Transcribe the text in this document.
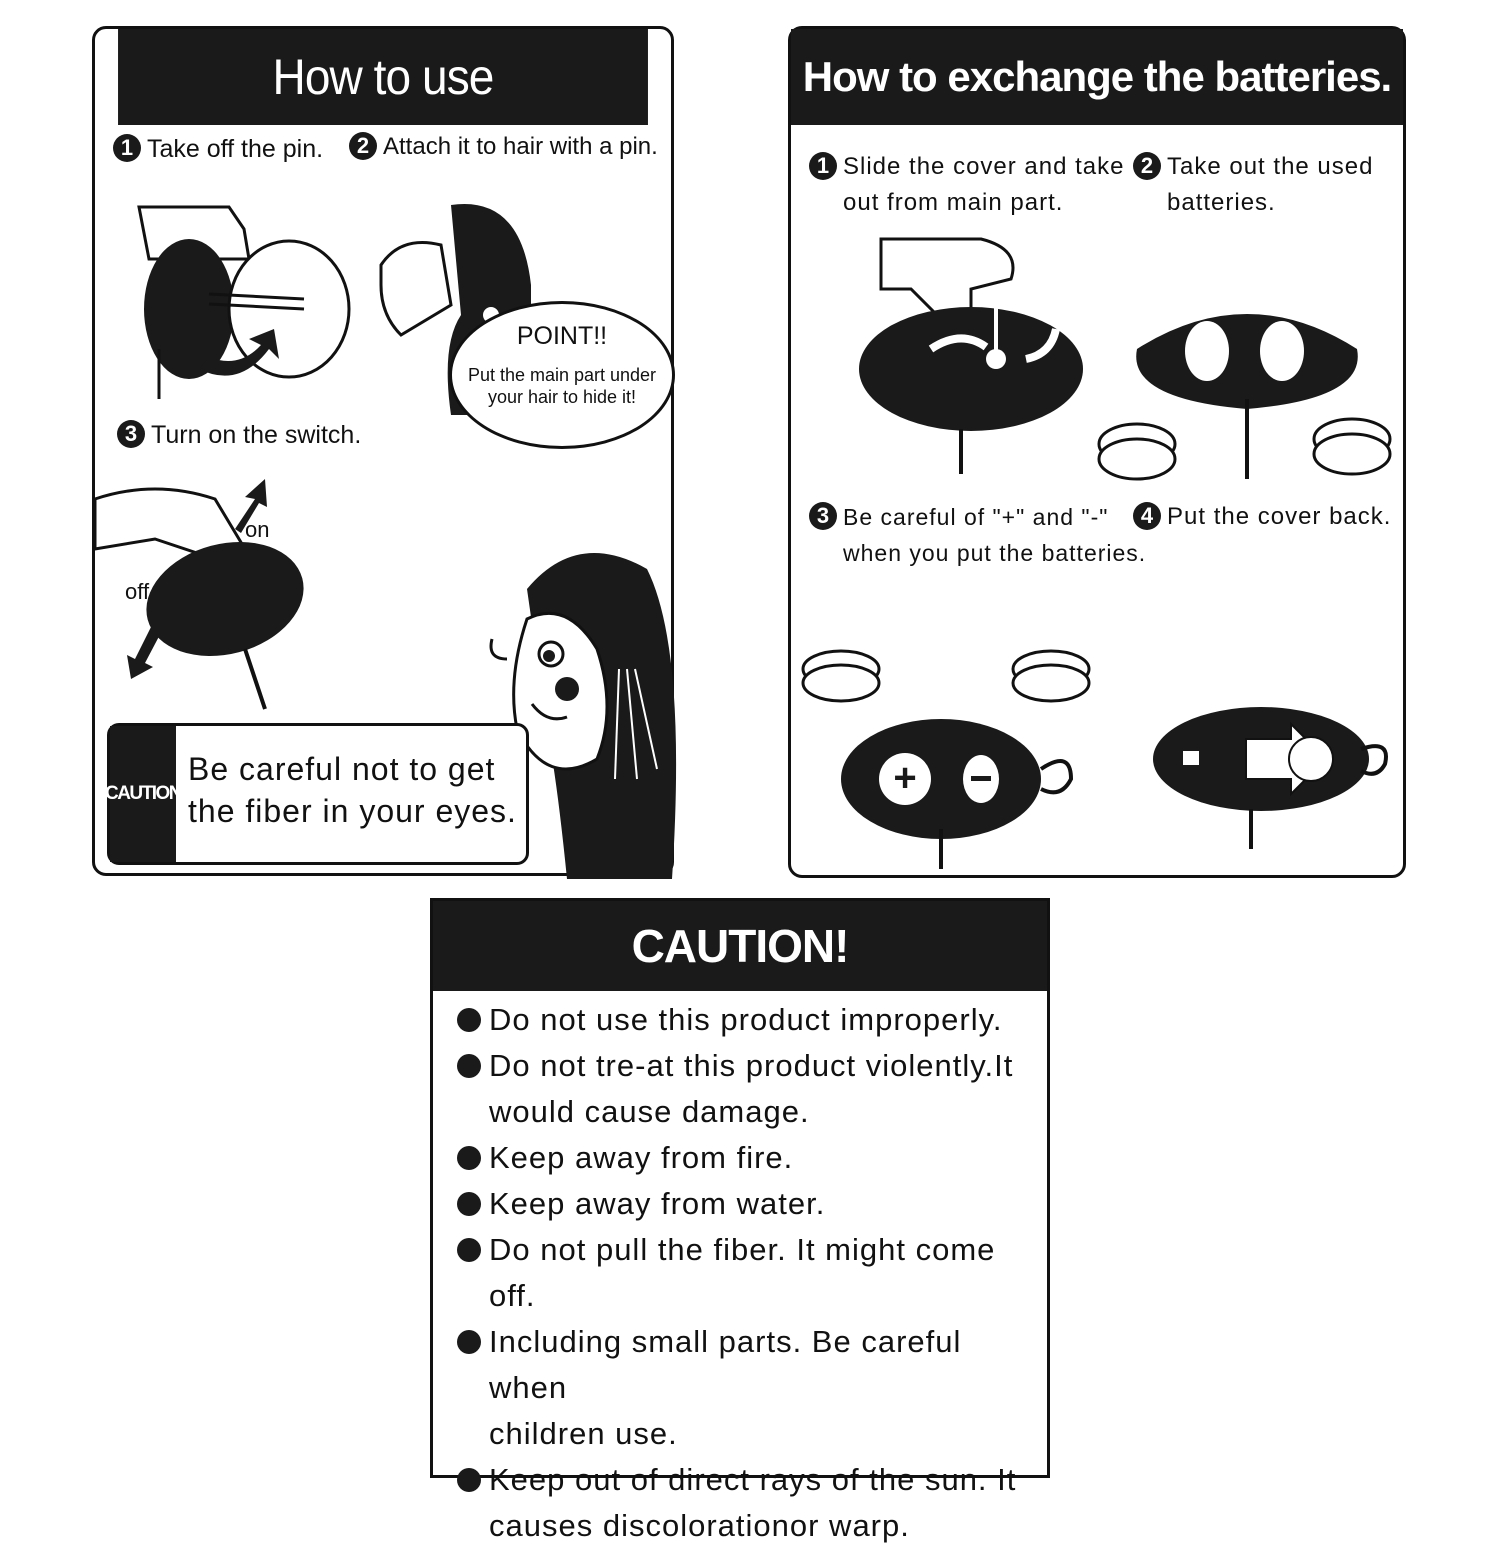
How to use
1 Take off the pin.	2 Attach it to hair with a pin.
3 Turn on the switch.
POINT!!
Put the main part under
your hair to hide it!
on
off
CAUTION
Be careful not to get
the fiber in your eyes.
How to exchange the batteries.
1 Slide the cover and take
out from main part.
2 Take out the used
batteries.
3 Be careful of "+" and "-"
when you put the batteries.
4 Put the cover back.
+
CAUTION!
Do not use this product improperly.
Do not tre-at this product violently.It
would cause damage.
Keep away from fire.
Keep away from water.
Do not pull the fiber. It might come off.
Including small parts. Be careful when
children use.
Keep out of direct rays of the sun. It
causes discolorationor warp.
